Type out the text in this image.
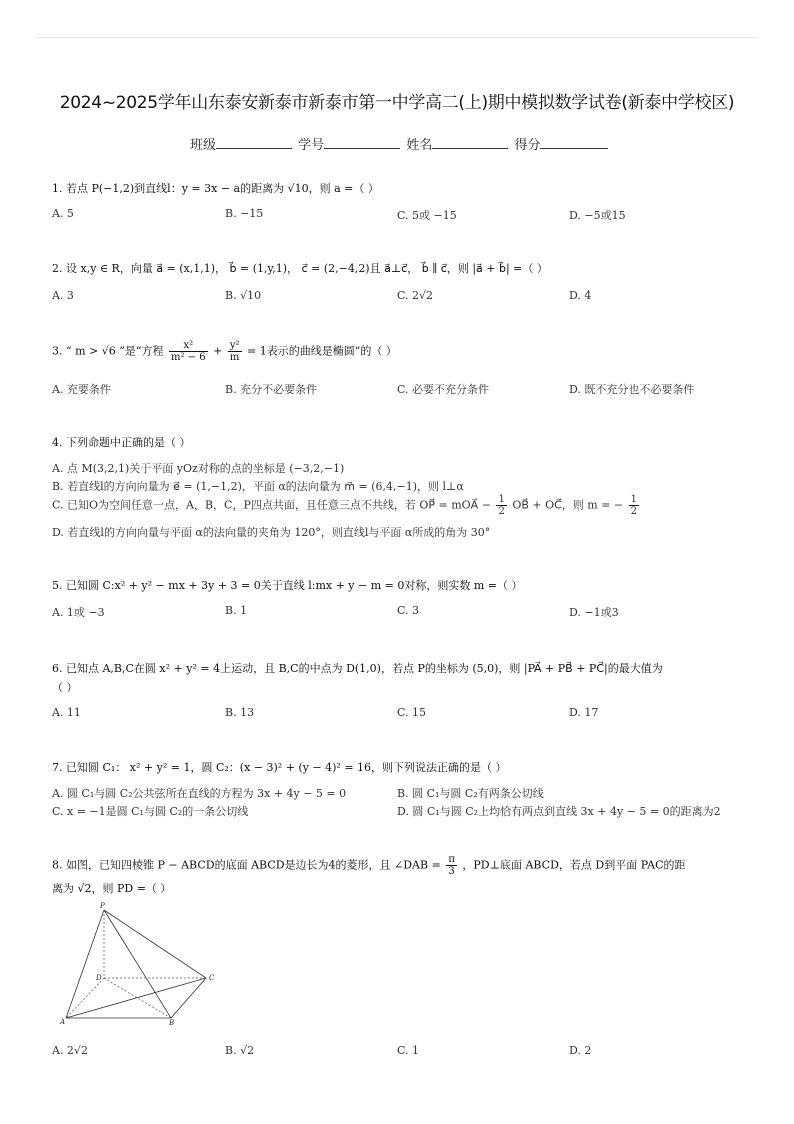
2024~2025学年山东泰安新泰市新泰市第一中学高二(上)期中模拟数学试卷(新泰中学校区)
班级	学号	姓名	得分
1. 若点 P(−1,2)到直线l：y = 3x − a的距离为 √10，则 a =（ ）
A. 5	B. −15	C. 5或 −15	D. −5或15
2. 设 x,y ∈ R，向量 a⃗ = (x,1,1)， b⃗ = (1,y,1)， c⃗ = (2,−4,2)且 a⃗⊥c⃗， b⃗ ∥ c⃗，则 |a⃗ + b⃗| =（ ）
A. 3	B. √10	C. 2√2	D. 4
3. “ m > √6 ”是“方程 $\frac{\text{x²}}{\text{m² − 6}} + \frac{\text{y²}}{m} = 1$表示的曲线是椭圆”的（ ）
A. 充要条件	B. 充分不必要条件	C. 必要不充分条件	D. 既不充分也不必要条件
4. 下列命题中正确的是（ ）
A. 点 M(3,2,1)关于平面 yOz对称的点的坐标是 (−3,2,−1)
B. 若直线l的方向向量为 e⃗ = (1,−1,2)，平面 α的法向量为 m⃗ = (6,4,−1)，则 l⊥α
C. 已知O为空间任意一点，A，B，C，P四点共面，且任意三点不共线，若 OP⃗ = mOA⃗ − $\frac{1}{2}$ OB⃗ + OC⃗，则 m = − $\frac{1}{2}$
D. 若直线l的方向向量与平面 α的法向量的夹角为 120°，则直线l与平面 α所成的角为 30°
5. 已知圆 C:x² + y² − mx + 3y + 3 = 0关于直线 l:mx + y − m = 0对称，则实数 m =（ ）
A. 1或 −3	B. 1	C. 3	D. −1或3
6. 已知点 A,B,C在圆 x² + y² = 4上运动，且 B,C的中点为 D(1,0)，若点 P的坐标为 (5,0)，则 |PA⃗ + PB⃗ + PC⃗|的最大值为
（ ）
A. 11	B. 13	C. 15	D. 17
7. 已知圆 C₁： x² + y² = 1，圆 C₂：(x − 3)² + (y − 4)² = 16，则下列说法正确的是（ ）
A. 圆 C₁与圆 C₂公共弦所在直线的方程为 3x + 4y − 5 = 0	B. 圆 C₁与圆 C₂有两条公切线
C. x = −1是圆 C₁与圆 C₂的一条公切线	D. 圆 C₁与圆 C₂上均恰有两点到直线 3x + 4y − 5 = 0的距离为2
8. 如图，已知四棱锥 P − ABCD的底面 ABCD是边长为4的菱形，且 ∠DAB = $\frac{\pi}{3}$ ，PD⊥底面 ABCD，若点 D到平面 PAC的距
离为 √2，则 PD =（ ）
P
D	C
A	B
A. 2√2	B. √2	C. 1	D. 2
